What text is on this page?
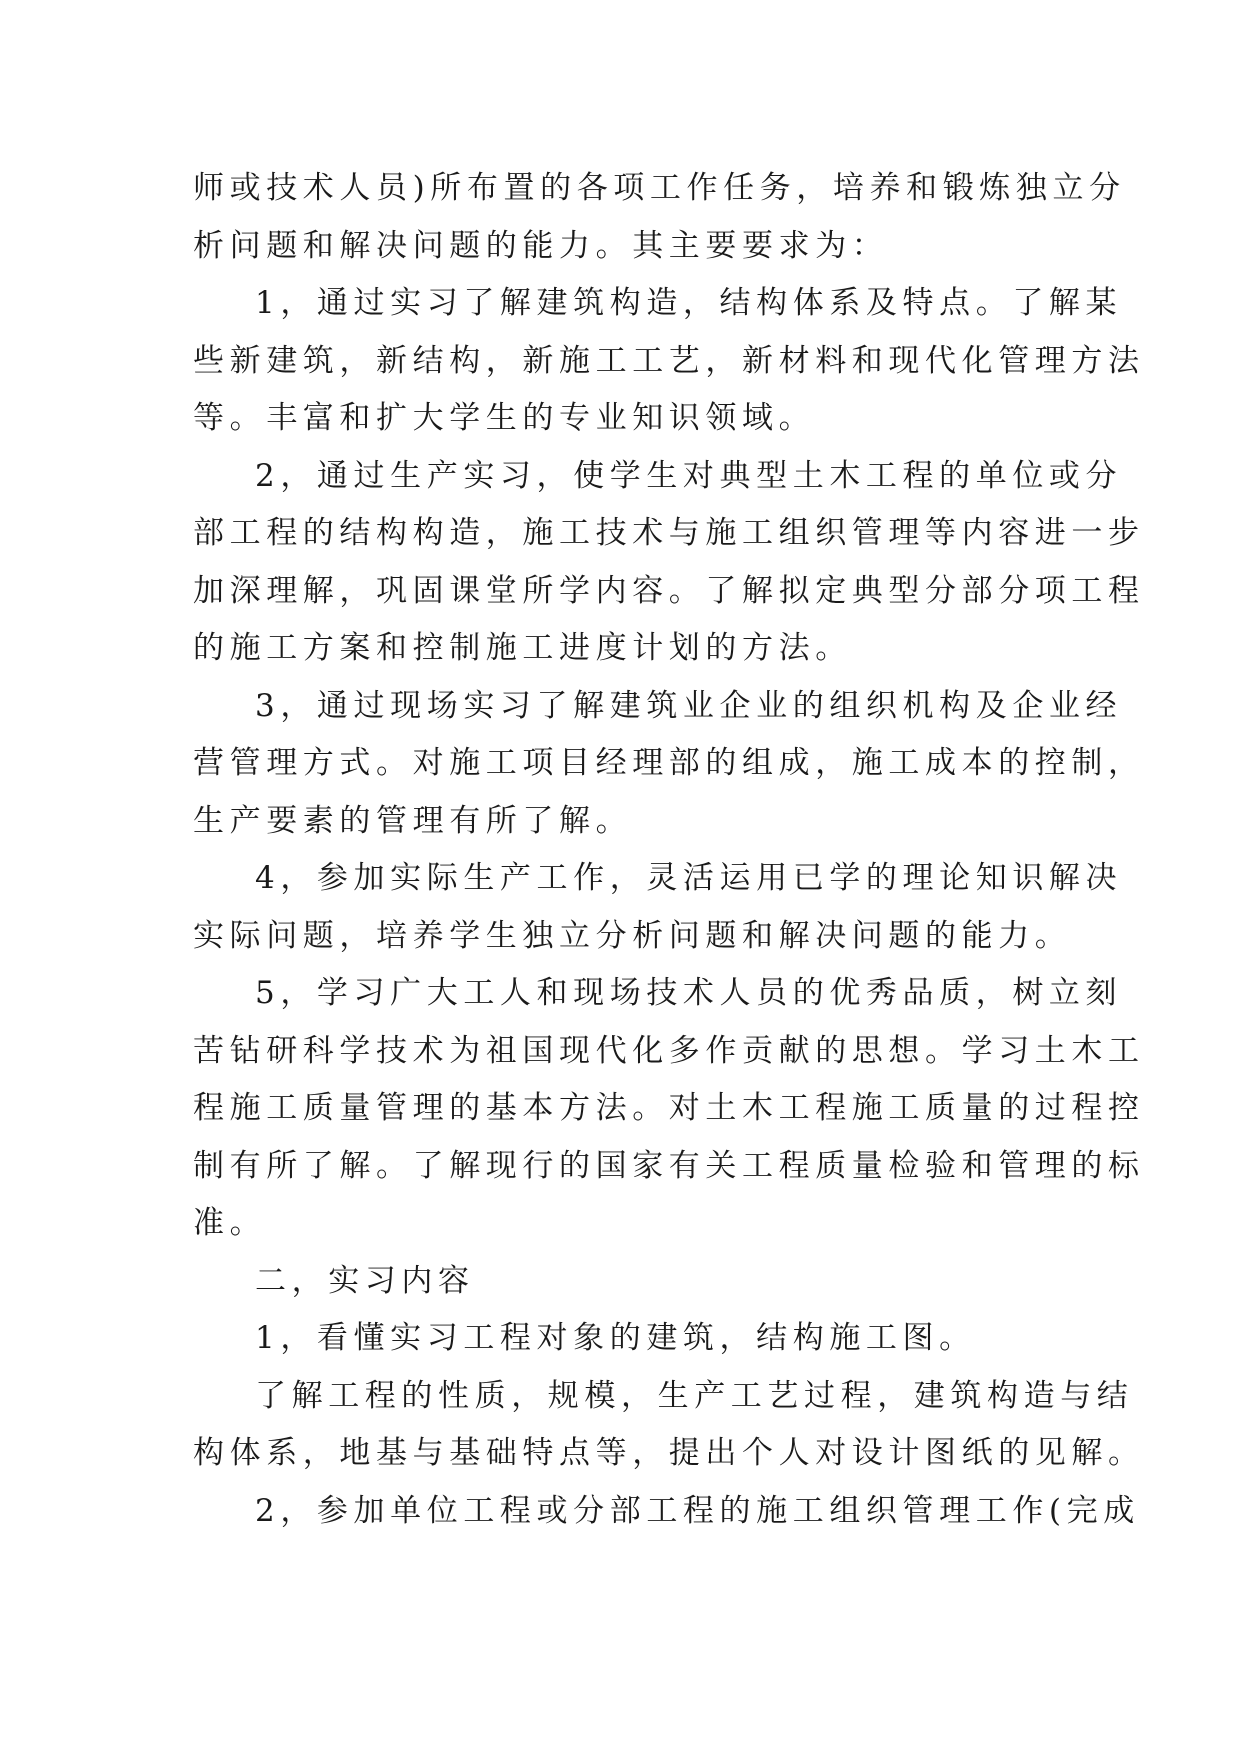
师或技术人员)所布置的各项工作任务，培养和锻炼独立分
析问题和解决问题的能力。其主要要求为：
1，通过实习了解建筑构造，结构体系及特点。了解某
些新建筑，新结构，新施工工艺，新材料和现代化管理方法
等。丰富和扩大学生的专业知识领域。
2，通过生产实习，使学生对典型土木工程的单位或分
部工程的结构构造，施工技术与施工组织管理等内容进一步
加深理解，巩固课堂所学内容。了解拟定典型分部分项工程
的施工方案和控制施工进度计划的方法。
3，通过现场实习了解建筑业企业的组织机构及企业经
营管理方式。对施工项目经理部的组成，施工成本的控制，
生产要素的管理有所了解。
4，参加实际生产工作，灵活运用已学的理论知识解决
实际问题，培养学生独立分析问题和解决问题的能力。
5，学习广大工人和现场技术人员的优秀品质，树立刻
苦钻研科学技术为祖国现代化多作贡献的思想。学习土木工
程施工质量管理的基本方法。对土木工程施工质量的过程控
制有所了解。了解现行的国家有关工程质量检验和管理的标
准。
二，实习内容
1，看懂实习工程对象的建筑，结构施工图。
了解工程的性质，规模，生产工艺过程，建筑构造与结
构体系，地基与基础特点等，提出个人对设计图纸的见解。
2，参加单位工程或分部工程的施工组织管理工作(完成
